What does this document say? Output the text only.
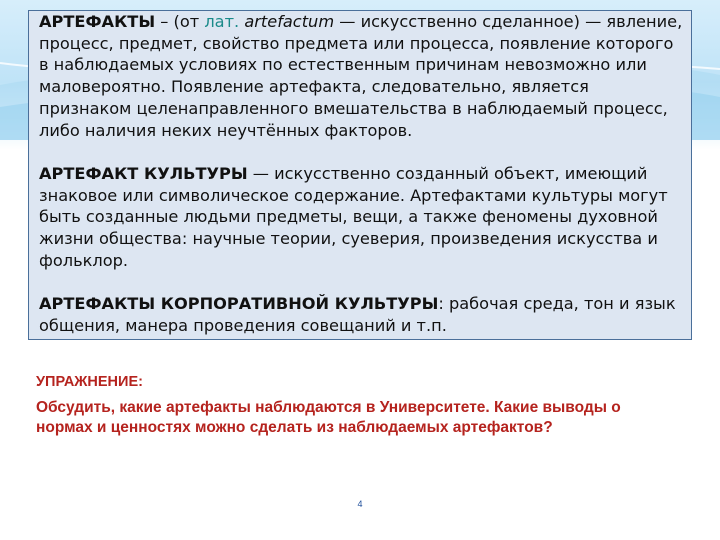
АРТЕФАКТЫ – (от лат. artefactum — искусственно сделанное) — явление, процесс, предмет, свойство предмета или процесса, появление которого в наблюдаемых условиях по естественным причинам невозможно или маловероятно. Появление артефакта, следовательно, является признаком целенаправленного вмешательства в наблюдаемый процесс, либо наличия неких неучтённых факторов.

АРТЕФАКТ КУЛЬТУРЫ — искусственно созданный объект, имеющий знаковое или символическое содержание. Артефактами культуры могут быть созданные людьми предметы, вещи, а также феномены духовной жизни общества: научные теории, суеверия, произведения искусства и фольклор.

АРТЕФАКТЫ КОРПОРАТИВНОЙ КУЛЬТУРЫ: рабочая среда, тон и язык общения, манера проведения совещаний и т.п.

УПРАЖНЕНИЕ:
Обсудить, какие артефакты наблюдаются в Университете. Какие выводы о нормах и ценностях можно сделать из наблюдаемых артефактов?
4
